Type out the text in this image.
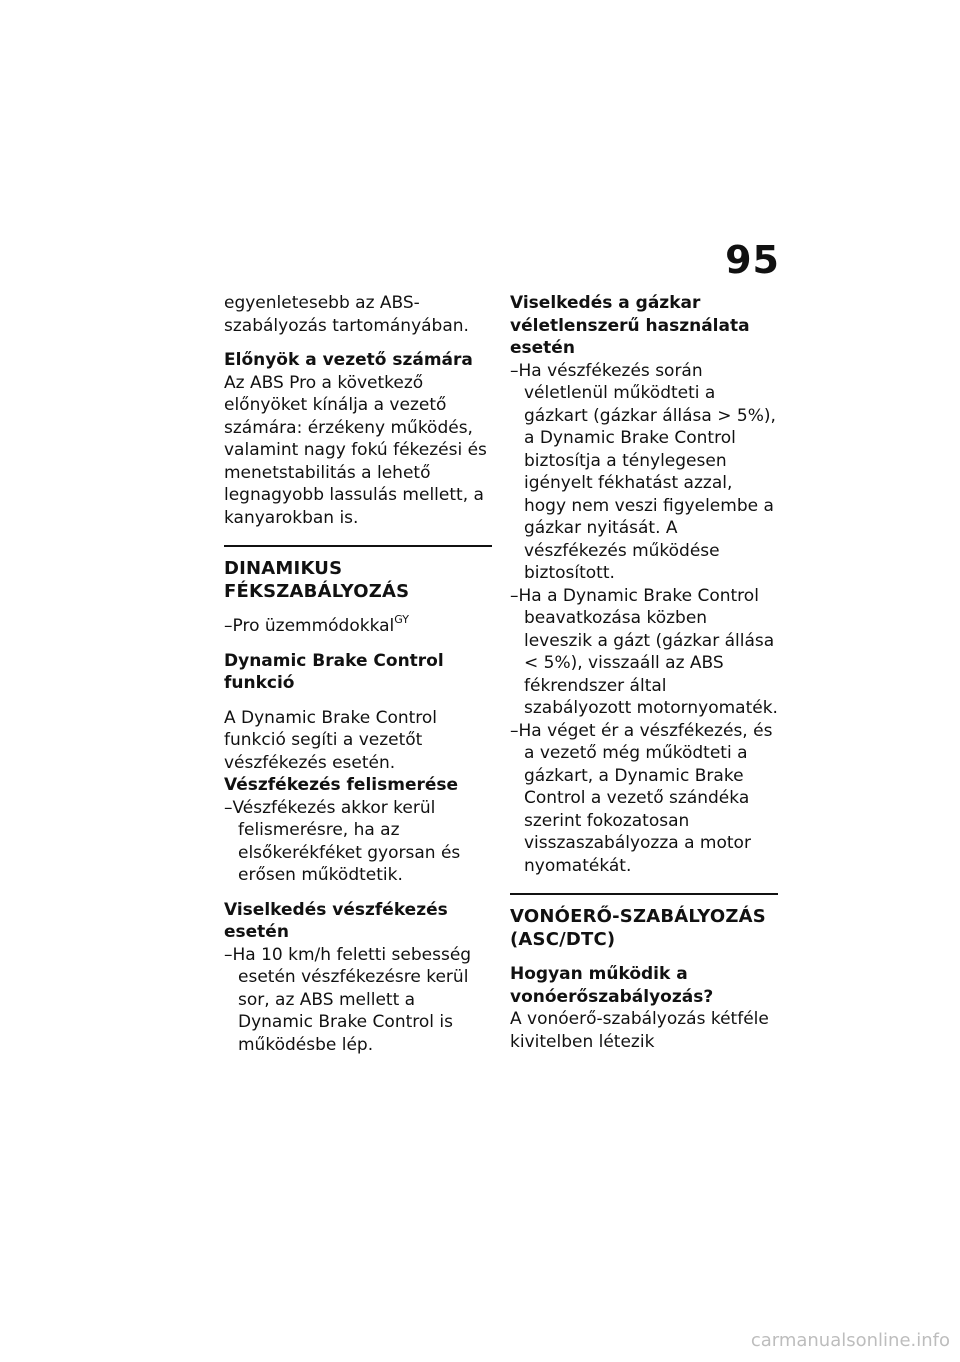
95

egyenletesebb az ABS-szabályozás tartományában.

Előnyök a vezető számára

Az ABS Pro a következő előnyöket kínálja a vezető számára: érzékeny működés, valamint nagy fokú fékezési és menetstabilitás a lehető legnagyobb lassulás mellett, a kanyarokban is.

DINAMIKUS FÉKSZABÁLYOZÁS

–Pro üzemmódokkal$^{GY}$

Dynamic Brake Control funkció

A Dynamic Brake Control funkció segíti a vezetőt vészfékezés esetén.

Vészfékezés felismerése

–Vészfékezés akkor kerül felismerésre, ha az elsőkerékféket gyorsan és erősen működtetik.

Viselkedés vészfékezés esetén

–Ha 10 km/h feletti sebesség esetén vészfékezésre kerül sor, az ABS mellett a Dynamic Brake Control is működésbe lép.

Viselkedés a gázkar véletlenszerű használata esetén

–Ha vészfékezés során véletlenül működteti a gázkart (gázkar állása > 5%), a Dynamic Brake Control biztosítja a ténylegesen igényelt fékhatást azzal, hogy nem veszi figyelembe a gázkar nyitását. A vészfékezés működése biztosított.

–Ha a Dynamic Brake Control beavatkozása közben leveszik a gázt (gázkar állása < 5%), visszaáll az ABS fékrendszer által szabályozott motornyomaték.

–Ha véget ér a vészfékezés, és a vezető még működteti a gázkart, a Dynamic Brake Control a vezető szándéka szerint fokozatosan visszaszabályozza a motor nyomatékát.

VONÓERŐ-SZABÁLYOZÁS (ASC/DTC)

Hogyan működik a vonóerőszabályozás?

A vonóerő-szabályozás kétféle kivitelben létezik

carmanualsonline.info
